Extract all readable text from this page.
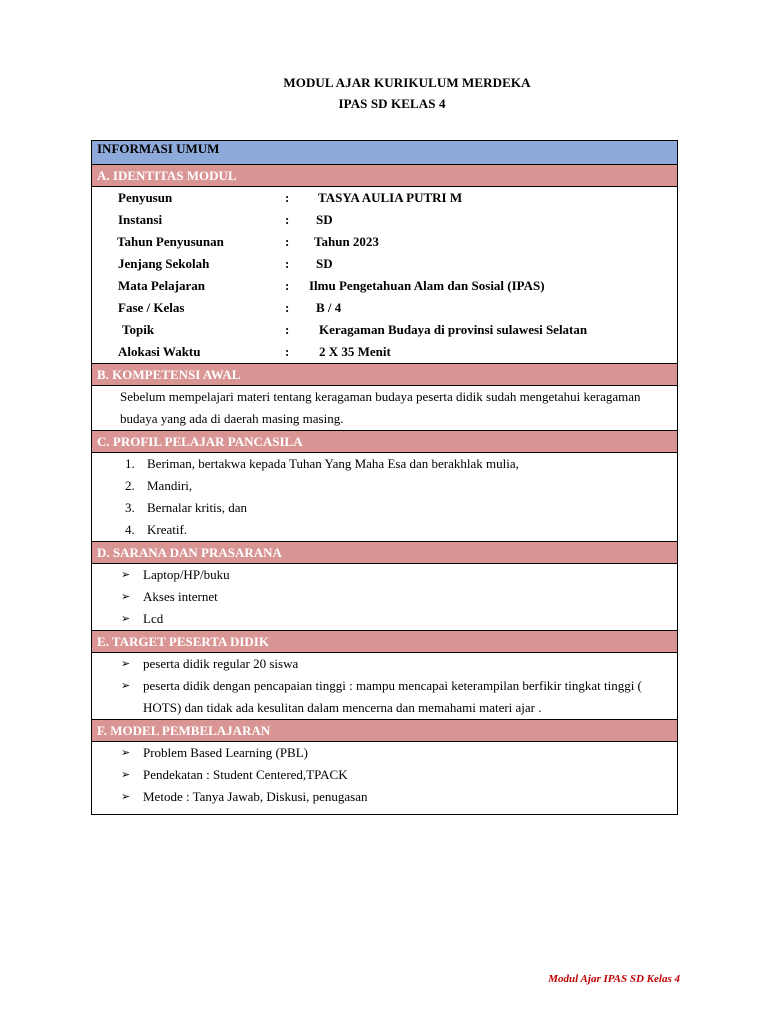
MODUL AJAR KURIKULUM MERDEKA
IPAS SD KELAS 4
INFORMASI UMUM
A. IDENTITAS MODUL
Penyusun	: TASYA AULIA PUTRI M
Instansi	: SD
Tahun Penyusunan	: Tahun 2023
Jenjang Sekolah	: SD
Mata Pelajaran	: Ilmu Pengetahuan Alam dan Sosial (IPAS)
Fase / Kelas	: B / 4
Topik	: Keragaman Budaya di provinsi sulawesi Selatan
Alokasi Waktu	: 2 X 35 Menit
B. KOMPETENSI AWAL
Sebelum mempelajari materi tentang keragaman budaya peserta didik sudah mengetahui keragaman budaya yang ada di daerah masing masing.
C. PROFIL PELAJAR PANCASILA
1. Beriman, bertakwa kepada Tuhan Yang Maha Esa dan berakhlak mulia,
2. Mandiri,
3. Bernalar kritis, dan
4. Kreatif.
D. SARANA DAN PRASARANA
➢ Laptop/HP/buku
➢ Akses internet
➢ Lcd
E. TARGET PESERTA DIDIK
➢ peserta didik regular 20 siswa
➢ peserta didik dengan pencapaian tinggi : mampu mencapai keterampilan berfikir tingkat tinggi ( HOTS) dan tidak ada kesulitan dalam mencerna dan memahami materi ajar .
F. MODEL PEMBELAJARAN
➢ Problem Based Learning (PBL)
➢ Pendekatan : Student Centered,TPACK
➢ Metode : Tanya Jawab, Diskusi, penugasan
Modul Ajar IPAS SD Kelas 4
